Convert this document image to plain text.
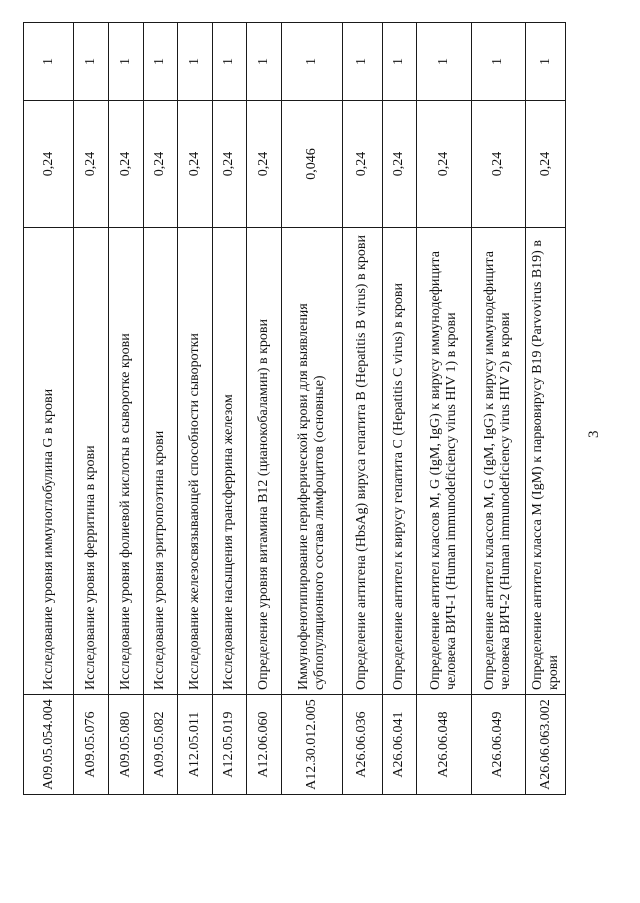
3
A09.05.054.004	Исследование уровня иммуноглобулина G в крови	0,24	1
A09.05.076	Исследование уровня ферритина в крови	0,24	1
A09.05.080	Исследование уровня фолиевой кислоты в сыворотке крови	0,24	1
A09.05.082	Исследование уровня эритропоэтина крови	0,24	1
A12.05.011	Исследование железосвязывающей способности сыворотки	0,24	1
A12.05.019	Исследование насыщения трансферрина железом	0,24	1
A12.06.060	Определение уровня витамина B12 (цианокобаламин) в крови	0,24	1
A12.30.012.005	Иммунофенотипирование периферической крови для выявления субпопуляционного состава лимфоцитов (основные)	0,046	1
A26.06.036	Определение антигена (HbsAg) вируса гепатита B (Hepatitis B virus) в крови	0,24	1
A26.06.041	Определение антител к вирусу гепатита C (Hepatitis C virus) в крови	0,24	1
A26.06.048	Определение антител классов M, G (IgM, IgG) к вирусу иммунодефицита человека ВИЧ-1 (Human immunodeficiency virus HIV 1) в крови	0,24	1
A26.06.049	Определение антител классов M, G (IgM, IgG) к вирусу иммунодефицита человека ВИЧ-2 (Human immunodeficiency virus HIV 2) в крови	0,24	1
A26.06.063.002	Определение антител класса M (IgM) к парвовирусу B19 (Parvovirus B19) в крови	0,24	1
